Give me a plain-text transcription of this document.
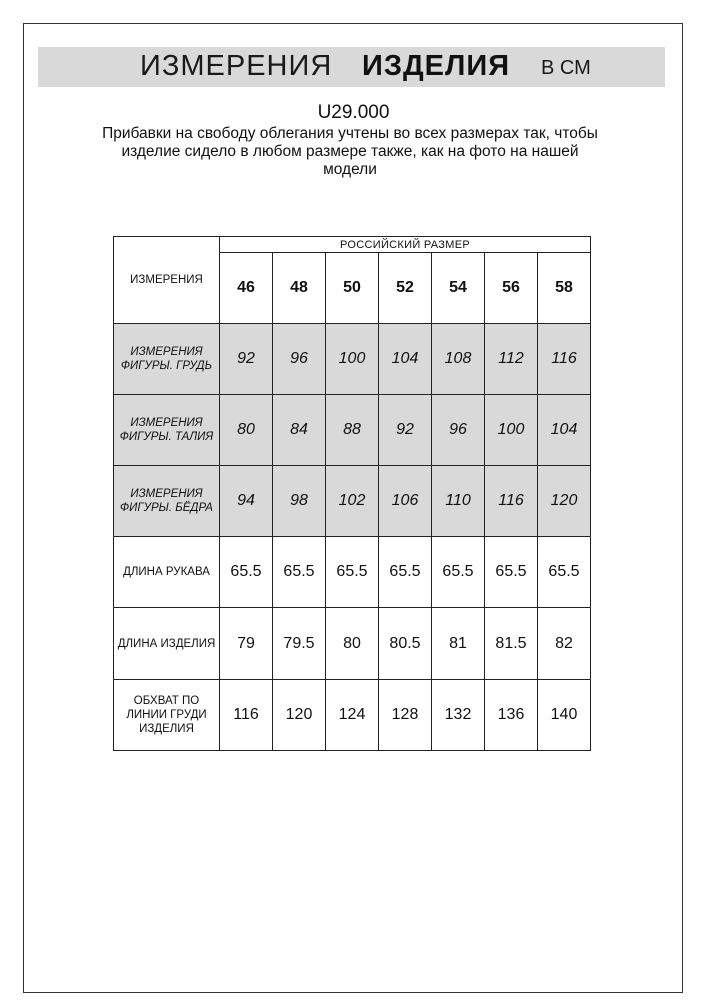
ИЗМЕРЕНИЯ ИЗДЕЛИЯ В СМ
U29.000
Прибавки на свободу облегания учтены во всех размерах так, чтобы изделие сидело в любом размере также, как на фото на нашей модели
ИЗМЕРЕНИЯ	РОССИЙСКИЙ РАЗМЕР						
	46	48	50	52	54	56	58
ИЗМЕРЕНИЯ ФИГУРЫ. ГРУДЬ	92	96	100	104	108	112	116
ИЗМЕРЕНИЯ ФИГУРЫ. ТАЛИЯ	80	84	88	92	96	100	104
ИЗМЕРЕНИЯ ФИГУРЫ. БЁДРА	94	98	102	106	110	116	120
ДЛИНА РУКАВА	65.5	65.5	65.5	65.5	65.5	65.5	65.5
ДЛИНА ИЗДЕЛИЯ	79	79.5	80	80.5	81	81.5	82
ОБХВАТ ПО ЛИНИИ ГРУДИ ИЗДЕЛИЯ	116	120	124	128	132	136	140
